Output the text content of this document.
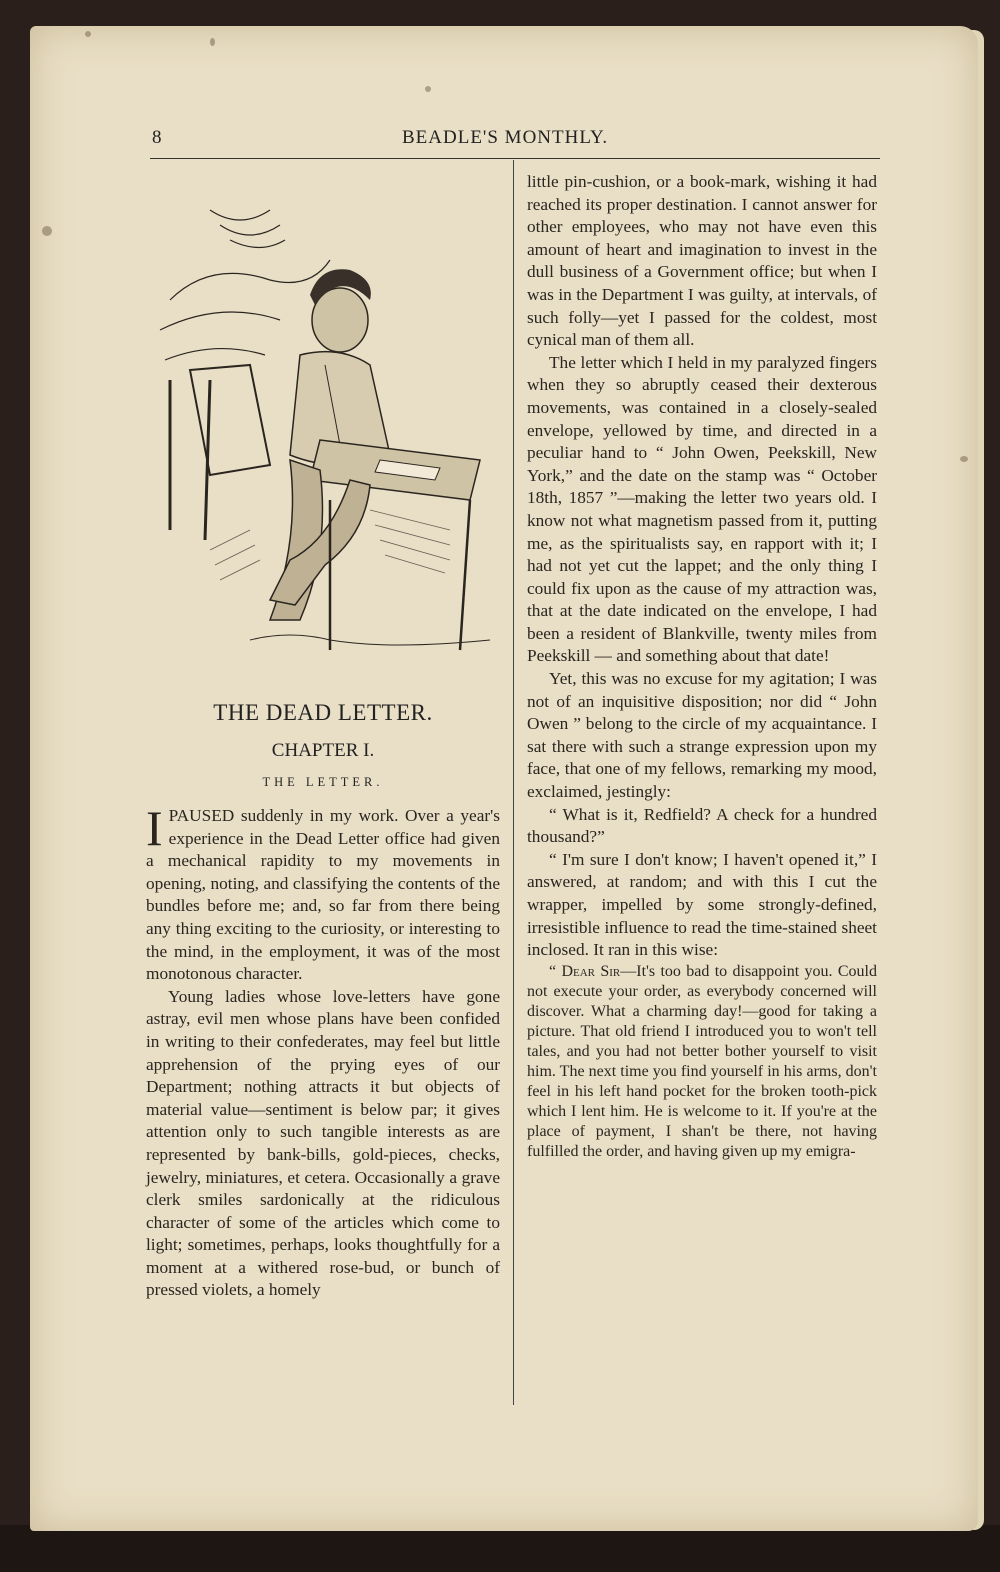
8	BEADLE'S MONTHLY.
THE DEAD LETTER.
CHAPTER I.
THE LETTER.

IPAUSED suddenly in my work. Over a year's experience in the Dead Letter office had given a mechanical rapidity to my movements in opening, noting, and classifying the contents of the bundles before me; and, so far from there being any thing exciting to the curiosity, or interesting to the mind, in the employment, it was of the most monotonous character.

Young ladies whose love-letters have gone astray, evil men whose plans have been confided in writing to their confederates, may feel but little apprehension of the prying eyes of our Department; nothing attracts it but objects of material value—sentiment is below par; it gives attention only to such tangible interests as are represented by bank-bills, gold-pieces, checks, jewelry, miniatures, et cetera. Occasionally a grave clerk smiles sardonically at the ridiculous character of some of the articles which come to light; sometimes, perhaps, looks thoughtfully for a moment at a withered rose-bud, or bunch of pressed violets, a homely

little pin-cushion, or a book-mark, wishing it had reached its proper destination. I cannot answer for other employees, who may not have even this amount of heart and imagination to invest in the dull business of a Government office; but when I was in the Department I was guilty, at intervals, of such folly—yet I passed for the coldest, most cynical man of them all.

The letter which I held in my paralyzed fingers when they so abruptly ceased their dexterous movements, was contained in a closely-sealed envelope, yellowed by time, and directed in a peculiar hand to “ John Owen, Peekskill, New York,” and the date on the stamp was “ October 18th, 1857 ”—making the letter two years old. I know not what magnetism passed from it, putting me, as the spiritualists say, en rapport with it; I had not yet cut the lappet; and the only thing I could fix upon as the cause of my attraction was, that at the date indicated on the envelope, I had been a resident of Blankville, twenty miles from Peekskill — and something about that date!

Yet, this was no excuse for my agitation; I was not of an inquisitive disposition; nor did “ John Owen ” belong to the circle of my acquaintance. I sat there with such a strange expression upon my face, that one of my fellows, remarking my mood, exclaimed, jestingly:

“ What is it, Redfield? A check for a hundred thousand?”

“ I'm sure I don't know; I haven't opened it,” I answered, at random; and with this I cut the wrapper, impelled by some strongly-defined, irresistible influence to read the time-stained sheet inclosed. It ran in this wise:

“ Dear Sir—It's too bad to disappoint you. Could not execute your order, as everybody concerned will discover. What a charming day!—good for taking a picture. That old friend I introduced you to won't tell tales, and you had not better bother yourself to visit him. The next time you find yourself in his arms, don't feel in his left hand pocket for the broken tooth-pick which I lent him. He is welcome to it. If you're at the place of payment, I shan't be there, not having fulfilled the order, and having given up my emigra-
